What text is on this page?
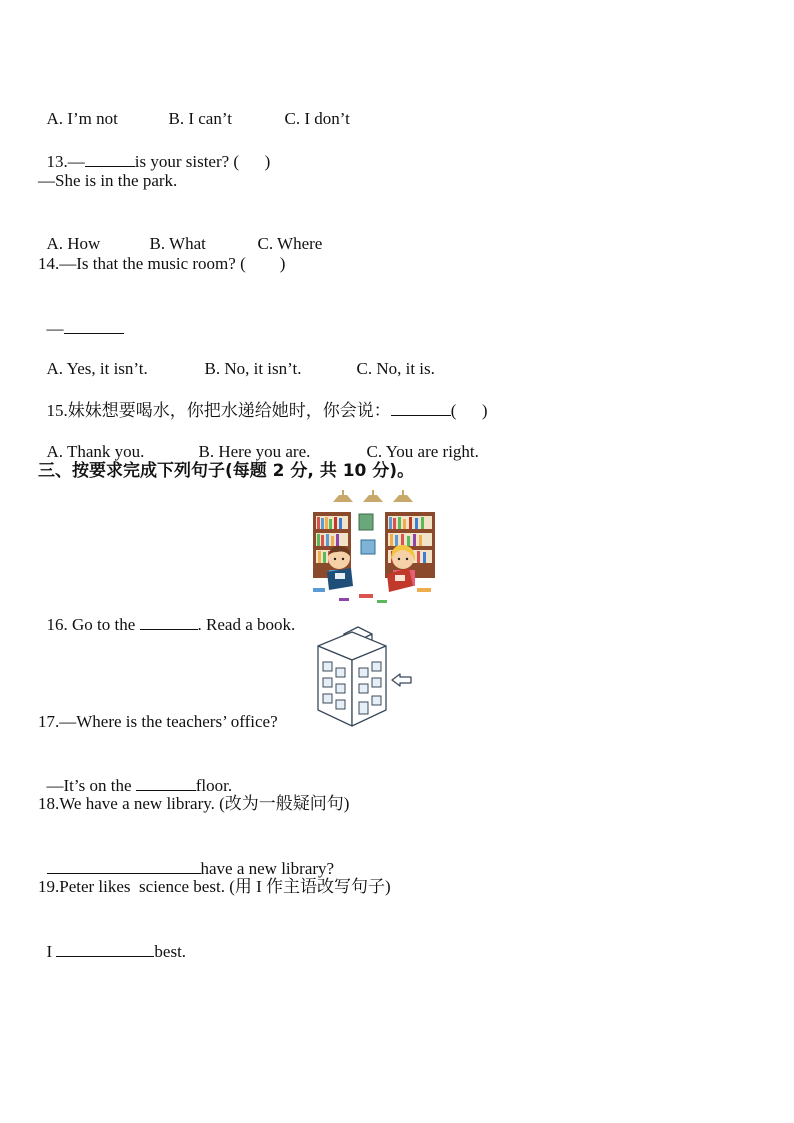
A. I’m not	B. I can’t	C. I don’t

13.—	is your sister? (      )

—She is in the park.

A. How	B. What	C. Where

14.—Is that the music room? (        )

—

A. Yes, it isn’t.	B. No, it isn’t.	C. No, it is.

15.妹妹想要喝水，你把水递给她时，你会说：	(      )

A. Thank you.	B. Here you are.	C. You are right.

三、按要求完成下列句子(每题 2 分, 共 10 分)。

16. Go to the	. Read a book.

17.—Where is the teachers’ office?

—It’s on the	floor.

18.We have a new library. (改为一般疑问句)

have a new library?

19.Peter likes  science best. (用 I 作主语改写句子)

I	best.
